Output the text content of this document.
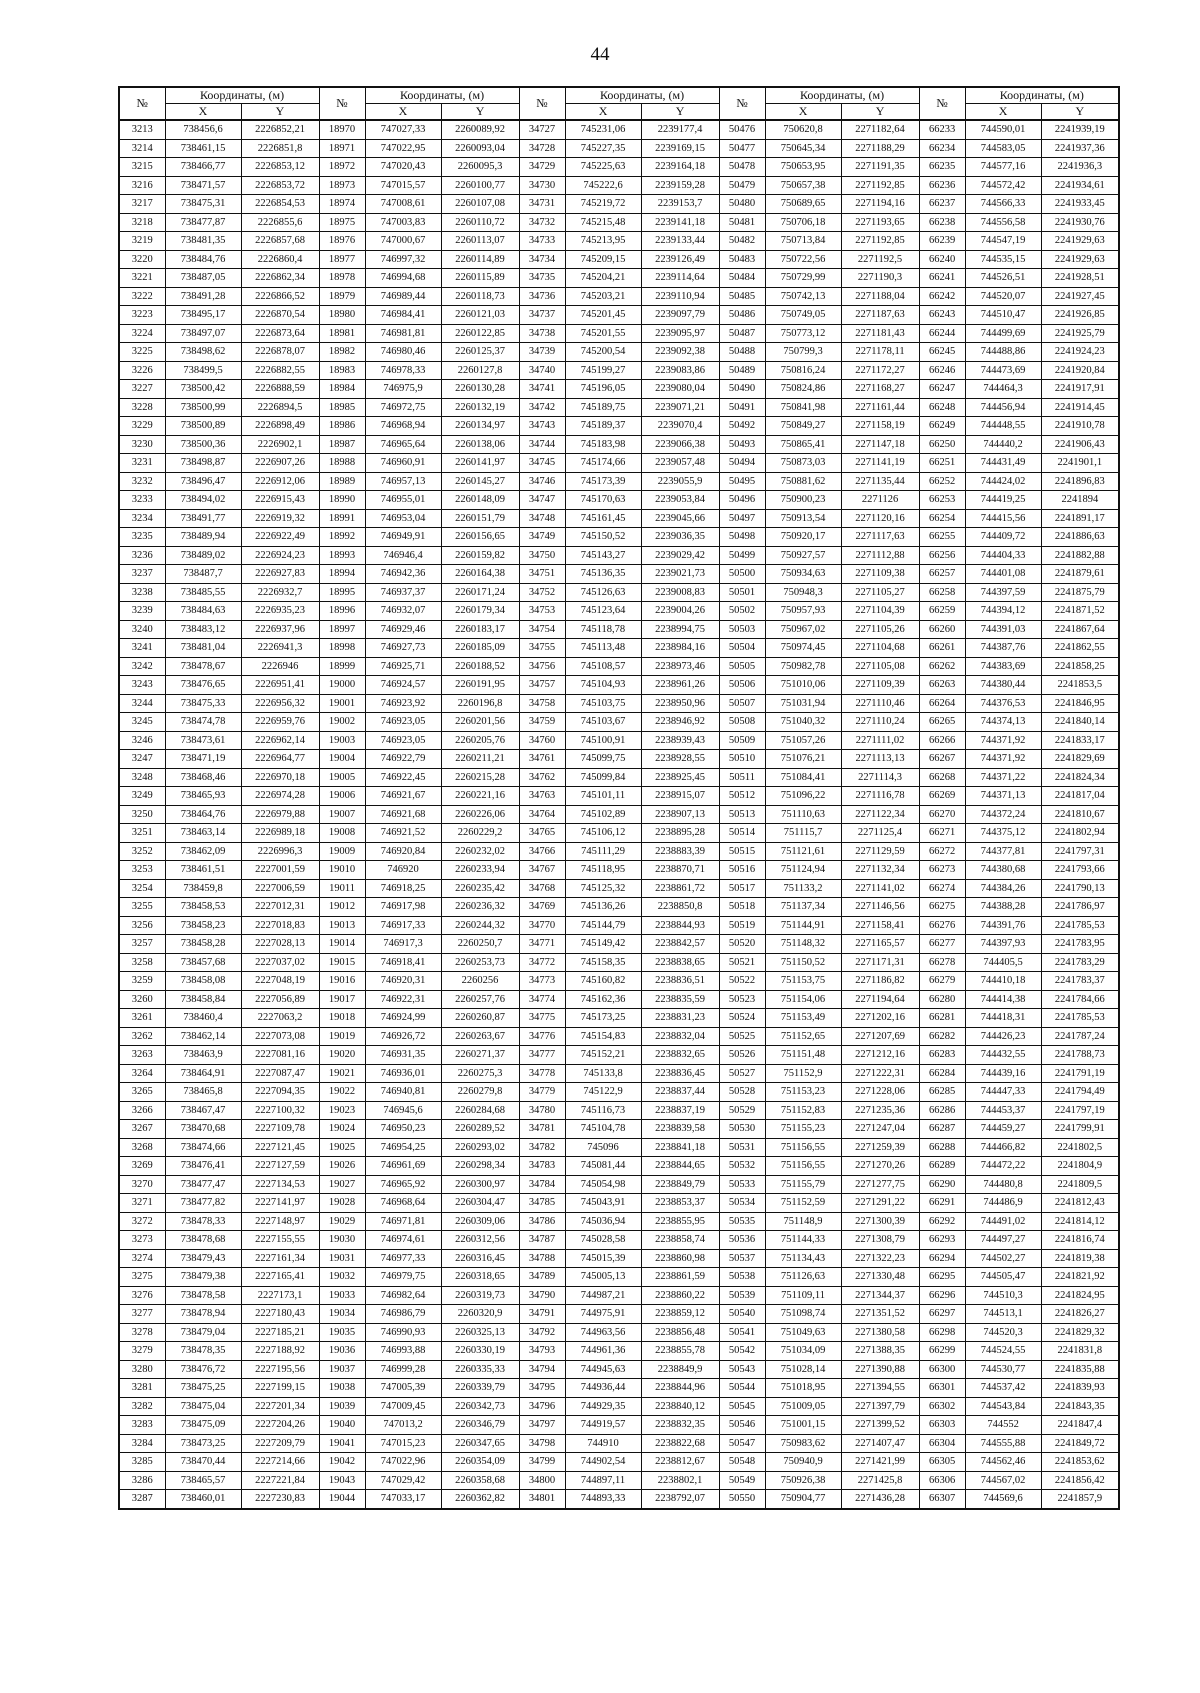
44
№	Координаты, (м)		№	Координаты, (м)		№	Координаты, (м)		№	Координаты, (м)		№	Координаты, (м)	
	X	Y		X	Y		X	Y		X	Y		X	Y
3213	738456,6	2226852,21	18970	747027,33	2260089,92	34727	745231,06	2239177,4	50476	750620,8	2271182,64	66233	744590,01	2241939,19
3214	738461,15	2226851,8	18971	747022,95	2260093,04	34728	745227,35	2239169,15	50477	750645,34	2271188,29	66234	744583,05	2241937,36
3215	738466,77	2226853,12	18972	747020,43	2260095,3	34729	745225,63	2239164,18	50478	750653,95	2271191,35	66235	744577,16	2241936,3
3216	738471,57	2226853,72	18973	747015,57	2260100,77	34730	745222,6	2239159,28	50479	750657,38	2271192,85	66236	744572,42	2241934,61
3217	738475,31	2226854,53	18974	747008,61	2260107,08	34731	745219,72	2239153,7	50480	750689,65	2271194,16	66237	744566,33	2241933,45
3218	738477,87	2226855,6	18975	747003,83	2260110,72	34732	745215,48	2239141,18	50481	750706,18	2271193,65	66238	744556,58	2241930,76
3219	738481,35	2226857,68	18976	747000,67	2260113,07	34733	745213,95	2239133,44	50482	750713,84	2271192,85	66239	744547,19	2241929,63
3220	738484,76	2226860,4	18977	746997,32	2260114,89	34734	745209,15	2239126,49	50483	750722,56	2271192,5	66240	744535,15	2241929,63
3221	738487,05	2226862,34	18978	746994,68	2260115,89	34735	745204,21	2239114,64	50484	750729,99	2271190,3	66241	744526,51	2241928,51
3222	738491,28	2226866,52	18979	746989,44	2260118,73	34736	745203,21	2239110,94	50485	750742,13	2271188,04	66242	744520,07	2241927,45
3223	738495,17	2226870,54	18980	746984,41	2260121,03	34737	745201,45	2239097,79	50486	750749,05	2271187,63	66243	744510,47	2241926,85
3224	738497,07	2226873,64	18981	746981,81	2260122,85	34738	745201,55	2239095,97	50487	750773,12	2271181,43	66244	744499,69	2241925,79
3225	738498,62	2226878,07	18982	746980,46	2260125,37	34739	745200,54	2239092,38	50488	750799,3	2271178,11	66245	744488,86	2241924,23
3226	738499,5	2226882,55	18983	746978,33	2260127,8	34740	745199,27	2239083,86	50489	750816,24	2271172,27	66246	744473,69	2241920,84
3227	738500,42	2226888,59	18984	746975,9	2260130,28	34741	745196,05	2239080,04	50490	750824,86	2271168,27	66247	744464,3	2241917,91
3228	738500,99	2226894,5	18985	746972,75	2260132,19	34742	745189,75	2239071,21	50491	750841,98	2271161,44	66248	744456,94	2241914,45
3229	738500,89	2226898,49	18986	746968,94	2260134,97	34743	745189,37	2239070,4	50492	750849,27	2271158,19	66249	744448,55	2241910,78
3230	738500,36	2226902,1	18987	746965,64	2260138,06	34744	745183,98	2239066,38	50493	750865,41	2271147,18	66250	744440,2	2241906,43
3231	738498,87	2226907,26	18988	746960,91	2260141,97	34745	745174,66	2239057,48	50494	750873,03	2271141,19	66251	744431,49	2241901,1
3232	738496,47	2226912,06	18989	746957,13	2260145,27	34746	745173,39	2239055,9	50495	750881,62	2271135,44	66252	744424,02	2241896,83
3233	738494,02	2226915,43	18990	746955,01	2260148,09	34747	745170,63	2239053,84	50496	750900,23	2271126	66253	744419,25	2241894
3234	738491,77	2226919,32	18991	746953,04	2260151,79	34748	745161,45	2239045,66	50497	750913,54	2271120,16	66254	744415,56	2241891,17
3235	738489,94	2226922,49	18992	746949,91	2260156,65	34749	745150,52	2239036,35	50498	750920,17	2271117,63	66255	744409,72	2241886,63
3236	738489,02	2226924,23	18993	746946,4	2260159,82	34750	745143,27	2239029,42	50499	750927,57	2271112,88	66256	744404,33	2241882,88
3237	738487,7	2226927,83	18994	746942,36	2260164,38	34751	745136,35	2239021,73	50500	750934,63	2271109,38	66257	744401,08	2241879,61
3238	738485,55	2226932,7	18995	746937,37	2260171,24	34752	745126,63	2239008,83	50501	750948,3	2271105,27	66258	744397,59	2241875,79
3239	738484,63	2226935,23	18996	746932,07	2260179,34	34753	745123,64	2239004,26	50502	750957,93	2271104,39	66259	744394,12	2241871,52
3240	738483,12	2226937,96	18997	746929,46	2260183,17	34754	745118,78	2238994,75	50503	750967,02	2271105,26	66260	744391,03	2241867,64
3241	738481,04	2226941,3	18998	746927,73	2260185,09	34755	745113,48	2238984,16	50504	750974,45	2271104,68	66261	744387,76	2241862,55
3242	738478,67	2226946	18999	746925,71	2260188,52	34756	745108,57	2238973,46	50505	750982,78	2271105,08	66262	744383,69	2241858,25
3243	738476,65	2226951,41	19000	746924,57	2260191,95	34757	745104,93	2238961,26	50506	751010,06	2271109,39	66263	744380,44	2241853,5
3244	738475,33	2226956,32	19001	746923,92	2260196,8	34758	745103,75	2238950,96	50507	751031,94	2271110,46	66264	744376,53	2241846,95
3245	738474,78	2226959,76	19002	746923,05	2260201,56	34759	745103,67	2238946,92	50508	751040,32	2271110,24	66265	744374,13	2241840,14
3246	738473,61	2226962,14	19003	746923,05	2260205,76	34760	745100,91	2238939,43	50509	751057,26	2271111,02	66266	744371,92	2241833,17
3247	738471,19	2226964,77	19004	746922,79	2260211,21	34761	745099,75	2238928,55	50510	751076,21	2271113,13	66267	744371,92	2241829,69
3248	738468,46	2226970,18	19005	746922,45	2260215,28	34762	745099,84	2238925,45	50511	751084,41	2271114,3	66268	744371,22	2241824,34
3249	738465,93	2226974,28	19006	746921,67	2260221,16	34763	745101,11	2238915,07	50512	751096,22	2271116,78	66269	744371,13	2241817,04
3250	738464,76	2226979,88	19007	746921,68	2260226,06	34764	745102,89	2238907,13	50513	751110,63	2271122,34	66270	744372,24	2241810,67
3251	738463,14	2226989,18	19008	746921,52	2260229,2	34765	745106,12	2238895,28	50514	751115,7	2271125,4	66271	744375,12	2241802,94
3252	738462,09	2226996,3	19009	746920,84	2260232,02	34766	745111,29	2238883,39	50515	751121,61	2271129,59	66272	744377,81	2241797,31
3253	738461,51	2227001,59	19010	746920	2260233,94	34767	745118,95	2238870,71	50516	751124,94	2271132,34	66273	744380,68	2241793,66
3254	738459,8	2227006,59	19011	746918,25	2260235,42	34768	745125,32	2238861,72	50517	751133,2	2271141,02	66274	744384,26	2241790,13
3255	738458,53	2227012,31	19012	746917,98	2260236,32	34769	745136,26	2238850,8	50518	751137,34	2271146,56	66275	744388,28	2241786,97
3256	738458,23	2227018,83	19013	746917,33	2260244,32	34770	745144,79	2238844,93	50519	751144,91	2271158,41	66276	744391,76	2241785,53
3257	738458,28	2227028,13	19014	746917,3	2260250,7	34771	745149,42	2238842,57	50520	751148,32	2271165,57	66277	744397,93	2241783,95
3258	738457,68	2227037,02	19015	746918,41	2260253,73	34772	745158,35	2238838,65	50521	751150,52	2271171,31	66278	744405,5	2241783,29
3259	738458,08	2227048,19	19016	746920,31	2260256	34773	745160,82	2238836,51	50522	751153,75	2271186,82	66279	744410,18	2241783,37
3260	738458,84	2227056,89	19017	746922,31	2260257,76	34774	745162,36	2238835,59	50523	751154,06	2271194,64	66280	744414,38	2241784,66
3261	738460,4	2227063,2	19018	746924,99	2260260,87	34775	745173,25	2238831,23	50524	751153,49	2271202,16	66281	744418,31	2241785,53
3262	738462,14	2227073,08	19019	746926,72	2260263,67	34776	745154,83	2238832,04	50525	751152,65	2271207,69	66282	744426,23	2241787,24
3263	738463,9	2227081,16	19020	746931,35	2260271,37	34777	745152,21	2238832,65	50526	751151,48	2271212,16	66283	744432,55	2241788,73
3264	738464,91	2227087,47	19021	746936,01	2260275,3	34778	745133,8	2238836,45	50527	751152,9	2271222,31	66284	744439,16	2241791,19
3265	738465,8	2227094,35	19022	746940,81	2260279,8	34779	745122,9	2238837,44	50528	751153,23	2271228,06	66285	744447,33	2241794,49
3266	738467,47	2227100,32	19023	746945,6	2260284,68	34780	745116,73	2238837,19	50529	751152,83	2271235,36	66286	744453,37	2241797,19
3267	738470,68	2227109,78	19024	746950,23	2260289,52	34781	745104,78	2238839,58	50530	751155,23	2271247,04	66287	744459,27	2241799,91
3268	738474,66	2227121,45	19025	746954,25	2260293,02	34782	745096	2238841,18	50531	751156,55	2271259,39	66288	744466,82	2241802,5
3269	738476,41	2227127,59	19026	746961,69	2260298,34	34783	745081,44	2238844,65	50532	751156,55	2271270,26	66289	744472,22	2241804,9
3270	738477,47	2227134,53	19027	746965,92	2260300,97	34784	745054,98	2238849,79	50533	751155,79	2271277,75	66290	744480,8	2241809,5
3271	738477,82	2227141,97	19028	746968,64	2260304,47	34785	745043,91	2238853,37	50534	751152,59	2271291,22	66291	744486,9	2241812,43
3272	738478,33	2227148,97	19029	746971,81	2260309,06	34786	745036,94	2238855,95	50535	751148,9	2271300,39	66292	744491,02	2241814,12
3273	738478,68	2227155,55	19030	746974,61	2260312,56	34787	745028,58	2238858,74	50536	751144,33	2271308,79	66293	744497,27	2241816,74
3274	738479,43	2227161,34	19031	746977,33	2260316,45	34788	745015,39	2238860,98	50537	751134,43	2271322,23	66294	744502,27	2241819,38
3275	738479,38	2227165,41	19032	746979,75	2260318,65	34789	745005,13	2238861,59	50538	751126,63	2271330,48	66295	744505,47	2241821,92
3276	738478,58	2227173,1	19033	746982,64	2260319,73	34790	744987,21	2238860,22	50539	751109,11	2271344,37	66296	744510,3	2241824,95
3277	738478,94	2227180,43	19034	746986,79	2260320,9	34791	744975,91	2238859,12	50540	751098,74	2271351,52	66297	744513,1	2241826,27
3278	738479,04	2227185,21	19035	746990,93	2260325,13	34792	744963,56	2238856,48	50541	751049,63	2271380,58	66298	744520,3	2241829,32
3279	738478,35	2227188,92	19036	746993,88	2260330,19	34793	744961,36	2238855,78	50542	751034,09	2271388,35	66299	744524,55	2241831,8
3280	738476,72	2227195,56	19037	746999,28	2260335,33	34794	744945,63	2238849,9	50543	751028,14	2271390,88	66300	744530,77	2241835,88
3281	738475,25	2227199,15	19038	747005,39	2260339,79	34795	744936,44	2238844,96	50544	751018,95	2271394,55	66301	744537,42	2241839,93
3282	738475,04	2227201,34	19039	747009,45	2260342,73	34796	744929,35	2238840,12	50545	751009,05	2271397,79	66302	744543,84	2241843,35
3283	738475,09	2227204,26	19040	747013,2	2260346,79	34797	744919,57	2238832,35	50546	751001,15	2271399,52	66303	744552	2241847,4
3284	738473,25	2227209,79	19041	747015,23	2260347,65	34798	744910	2238822,68	50547	750983,62	2271407,47	66304	744555,88	2241849,72
3285	738470,44	2227214,66	19042	747022,96	2260354,09	34799	744902,54	2238812,67	50548	750940,9	2271421,99	66305	744562,46	2241853,62
3286	738465,57	2227221,84	19043	747029,42	2260358,68	34800	744897,11	2238802,1	50549	750926,38	2271425,8	66306	744567,02	2241856,42
3287	738460,01	2227230,83	19044	747033,17	2260362,82	34801	744893,33	2238792,07	50550	750904,77	2271436,28	66307	744569,6	2241857,9
